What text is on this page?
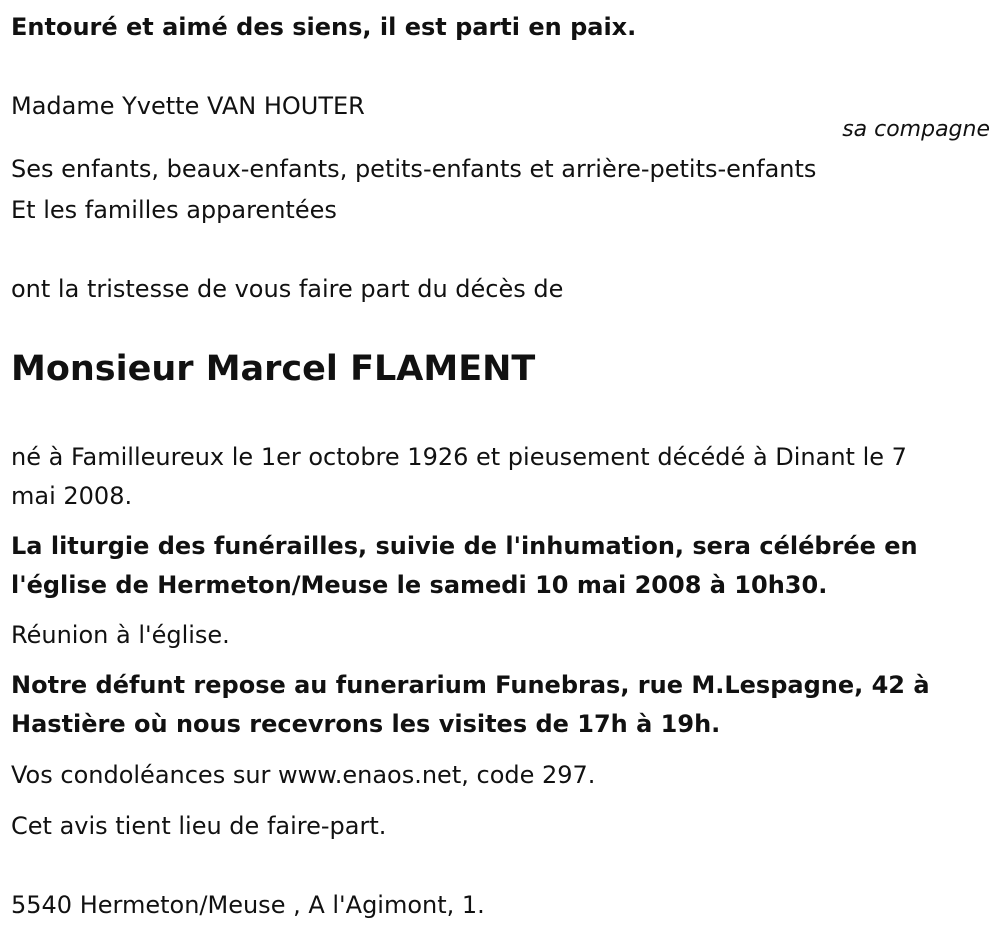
Entouré et aimé des siens, il est parti en paix.

Madame Yvette VAN HOUTER

sa compagne

Ses enfants, beaux-enfants, petits-enfants et arrière-petits-enfants

Et les familles apparentées

ont la tristesse de vous faire part du décès de

Monsieur Marcel FLAMENT

né à Familleureux le 1er octobre 1926 et pieusement décédé à Dinant le 7

mai 2008.

La liturgie des funérailles, suivie de l'inhumation, sera célébrée en

l'église de Hermeton/Meuse le samedi 10 mai 2008 à 10h30.

Réunion à l'église.

Notre défunt repose au funerarium Funebras, rue M.Lespagne, 42 à

Hastière où nous recevrons les visites de 17h à 19h.

Vos condoléances sur www.enaos.net, code 297.

Cet avis tient lieu de faire-part.

5540 Hermeton/Meuse , A l'Agimont, 1.
